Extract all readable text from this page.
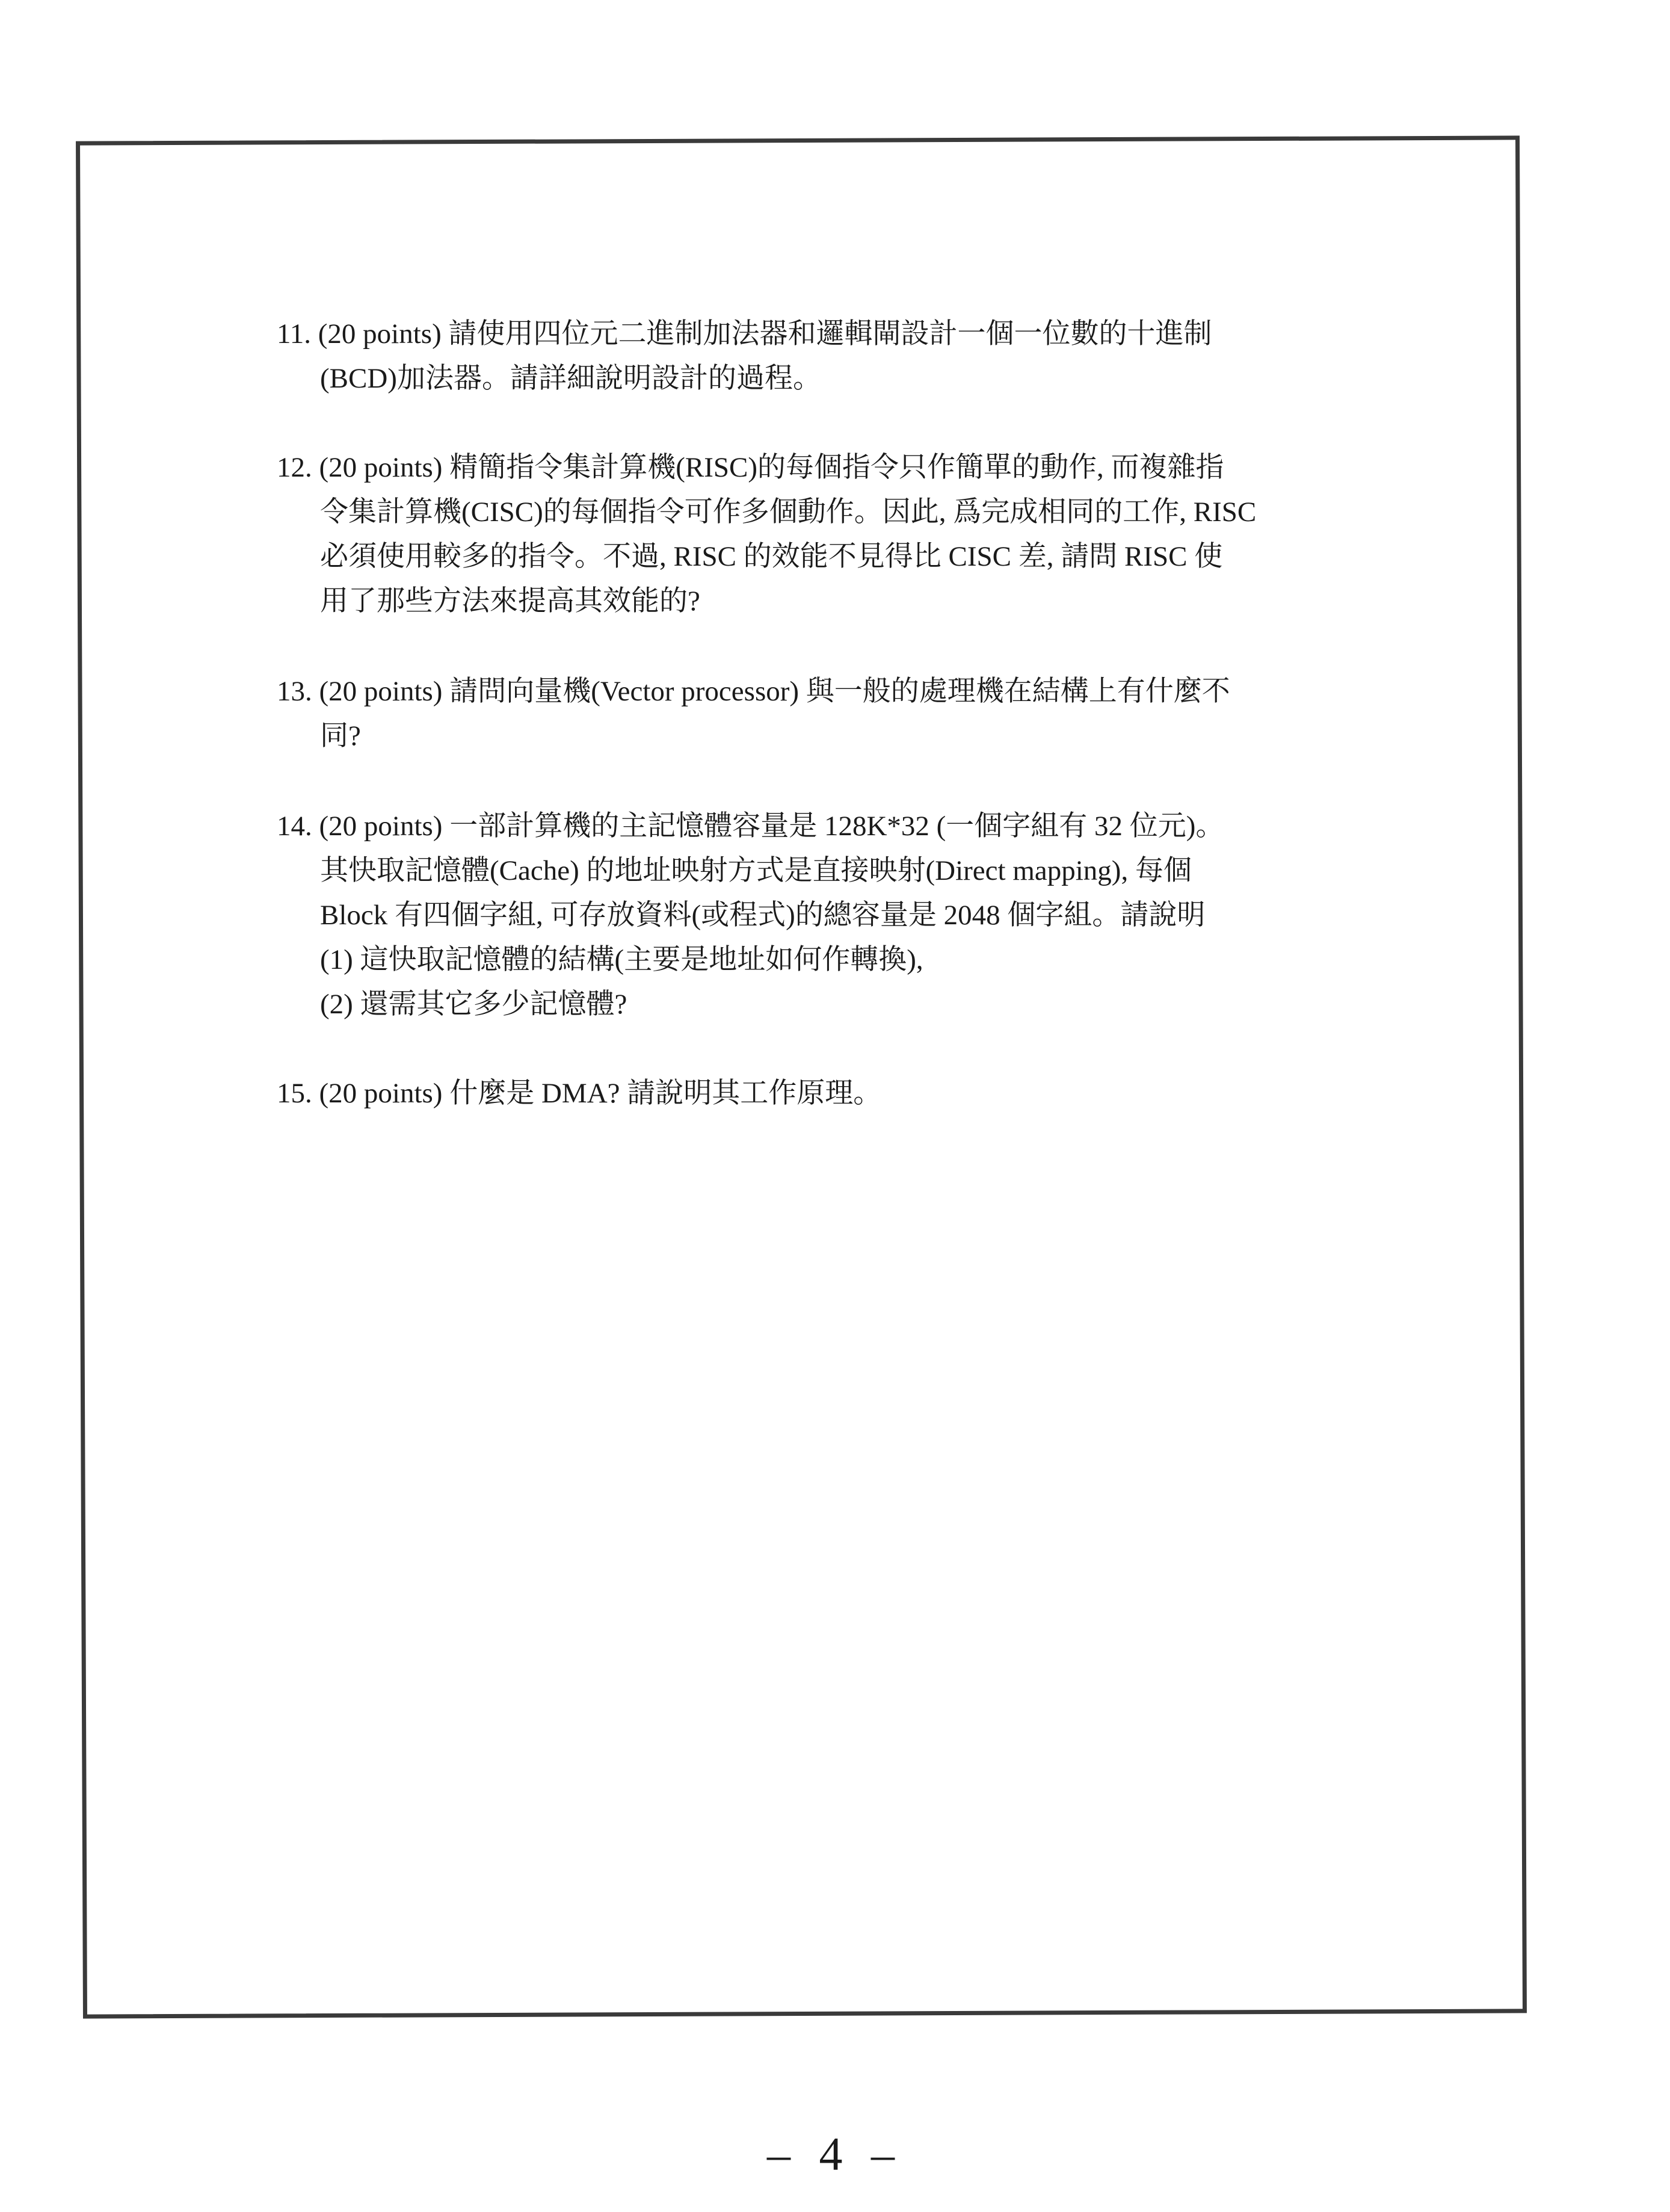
11. (20 points) 請使用四位元二進制加法器和邏輯閘設計一個一位數的十進制
(BCD)加法器。請詳細說明設計的過程。
12. (20 points) 精簡指令集計算機(RISC)的每個指令只作簡單的動作, 而複雜指
令集計算機(CISC)的每個指令可作多個動作。因此, 爲完成相同的工作, RISC
必須使用較多的指令。不過, RISC 的效能不見得比 CISC 差, 請問 RISC 使
用了那些方法來提高其效能的?
13. (20 points) 請問向量機(Vector processor) 與一般的處理機在結構上有什麼不
同?
14. (20 points) 一部計算機的主記憶體容量是 128K*32 (一個字組有 32 位元)。
其快取記憶體(Cache) 的地址映射方式是直接映射(Direct mapping), 每個
Block 有四個字組, 可存放資料(或程式)的總容量是 2048 個字組。請說明
(1) 這快取記憶體的結構(主要是地址如何作轉換),
(2) 還需其它多少記憶體?
15. (20 points) 什麼是 DMA? 請說明其工作原理。
– 4 –
